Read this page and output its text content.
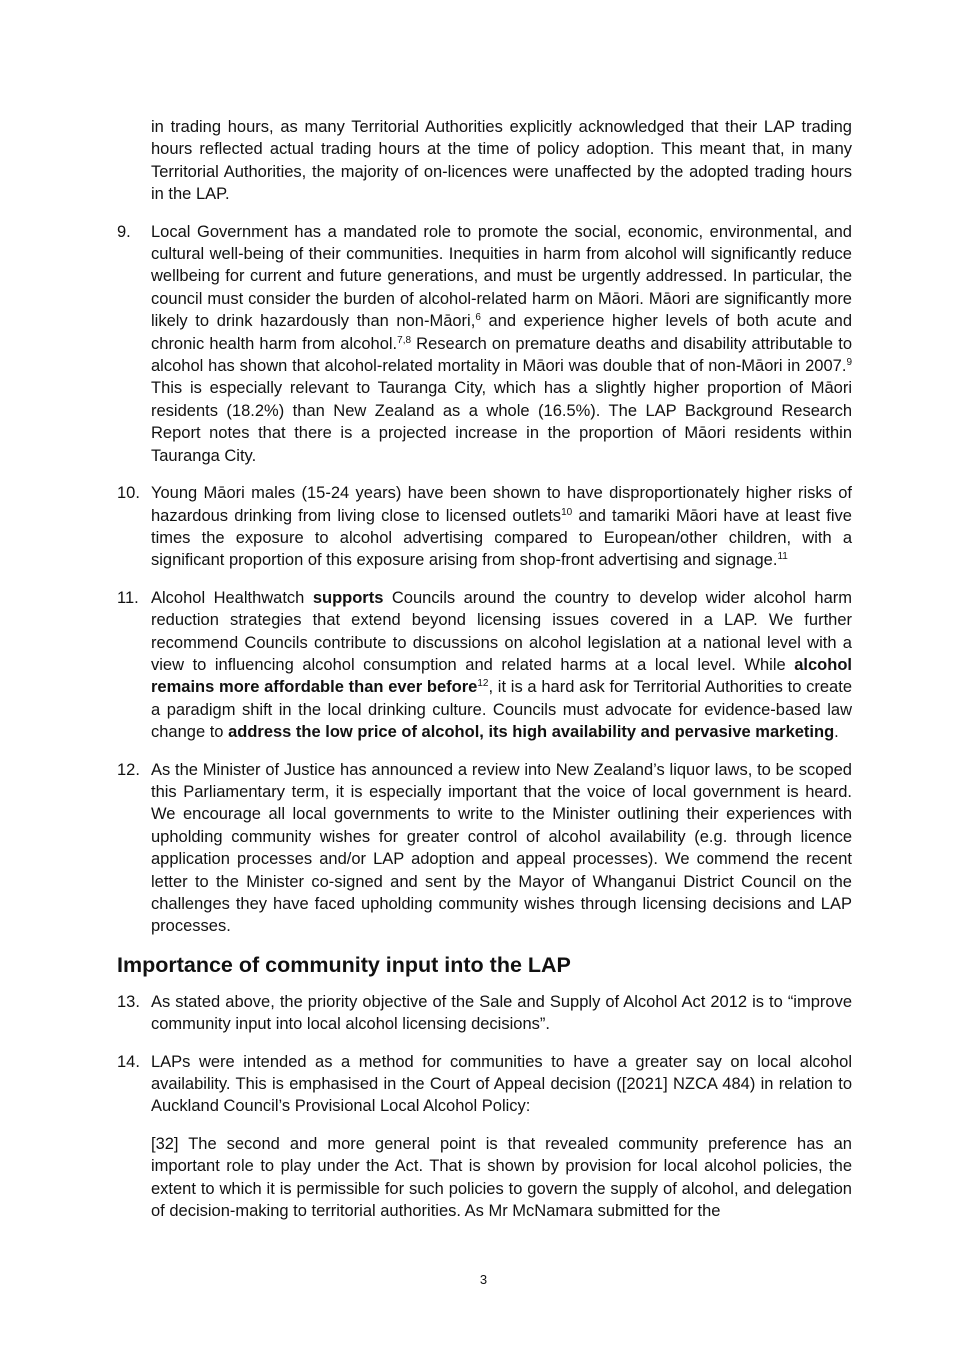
in trading hours, as many Territorial Authorities explicitly acknowledged that their LAP trading hours reflected actual trading hours at the time of policy adoption. This meant that, in many Territorial Authorities, the majority of on-licences were unaffected by the adopted trading hours in the LAP.

9. Local Government has a mandated role to promote the social, economic, environmental, and cultural well-being of their communities. Inequities in harm from alcohol will significantly reduce wellbeing for current and future generations, and must be urgently addressed. In particular, the council must consider the burden of alcohol-related harm on Māori. Māori are significantly more likely to drink hazardously than non-Māori,$^6$ and experience higher levels of both acute and chronic health harm from alcohol.$^{7,8}$ Research on premature deaths and disability attributable to alcohol has shown that alcohol-related mortality in Māori was double that of non-Māori in 2007.$^9$ This is especially relevant to Tauranga City, which has a slightly higher proportion of Māori residents (18.2%) than New Zealand as a whole (16.5%). The LAP Background Research Report notes that there is a projected increase in the proportion of Māori residents within Tauranga City.

10. Young Māori males (15-24 years) have been shown to have disproportionately higher risks of hazardous drinking from living close to licensed outlets$^{10}$ and tamariki Māori have at least five times the exposure to alcohol advertising compared to European/other children, with a significant proportion of this exposure arising from shop-front advertising and signage.$^{11}$

11. Alcohol Healthwatch supports Councils around the country to develop wider alcohol harm reduction strategies that extend beyond licensing issues covered in a LAP. We further recommend Councils contribute to discussions on alcohol legislation at a national level with a view to influencing alcohol consumption and related harms at a local level. While alcohol remains more affordable than ever before$^{12}$, it is a hard ask for Territorial Authorities to create a paradigm shift in the local drinking culture. Councils must advocate for evidence-based law change to address the low price of alcohol, its high availability and pervasive marketing.

12. As the Minister of Justice has announced a review into New Zealand’s liquor laws, to be scoped this Parliamentary term, it is especially important that the voice of local government is heard. We encourage all local governments to write to the Minister outlining their experiences with upholding community wishes for greater control of alcohol availability (e.g. through licence application processes and/or LAP adoption and appeal processes). We commend the recent letter to the Minister co-signed and sent by the Mayor of Whanganui District Council on the challenges they have faced upholding community wishes through licensing decisions and LAP processes.

Importance of community input into the LAP

13. As stated above, the priority objective of the Sale and Supply of Alcohol Act 2012 is to “improve community input into local alcohol licensing decisions”.

14. LAPs were intended as a method for communities to have a greater say on local alcohol availability. This is emphasised in the Court of Appeal decision ([2021] NZCA 484) in relation to Auckland Council’s Provisional Local Alcohol Policy:

[32] The second and more general point is that revealed community preference has an important role to play under the Act. That is shown by provision for local alcohol policies, the extent to which it is permissible for such policies to govern the supply of alcohol, and delegation of decision-making to territorial authorities. As Mr McNamara submitted for the

3
